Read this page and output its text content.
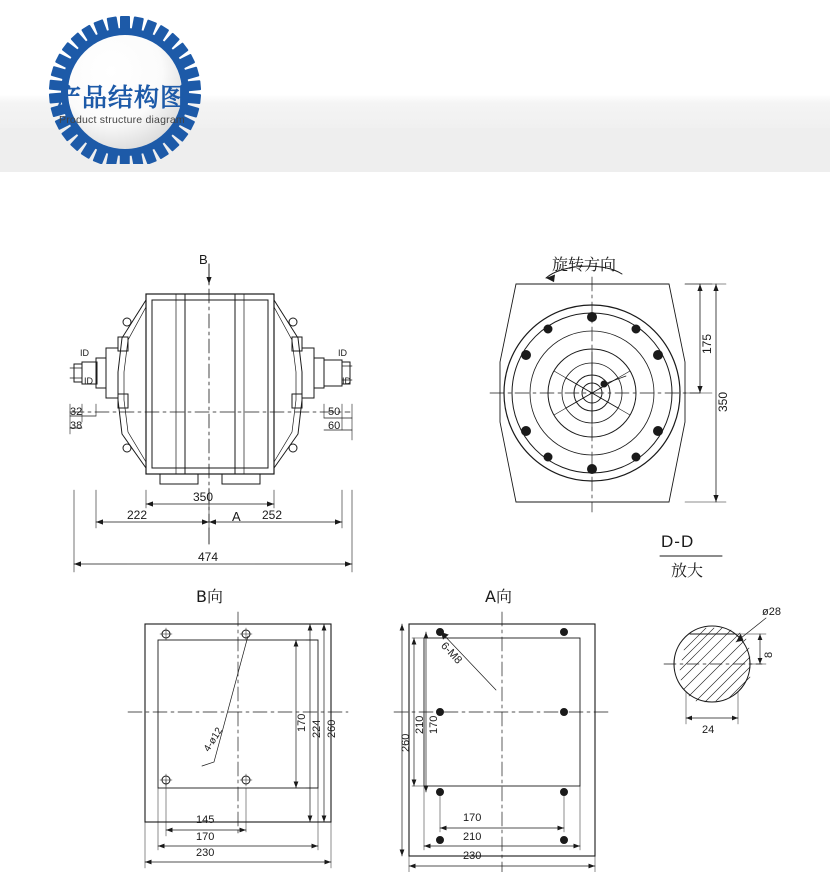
产品结构图
Product structure diagram
B
A
ID
ID
ID
ID
32
38
50
60
350
222	252
474
旋转方向
175
350
D-D
放大
B向	A向
170 224 260
145
170
230
4-ø12	260
210 170
170
210
230
6-M8
ø28
8
24
